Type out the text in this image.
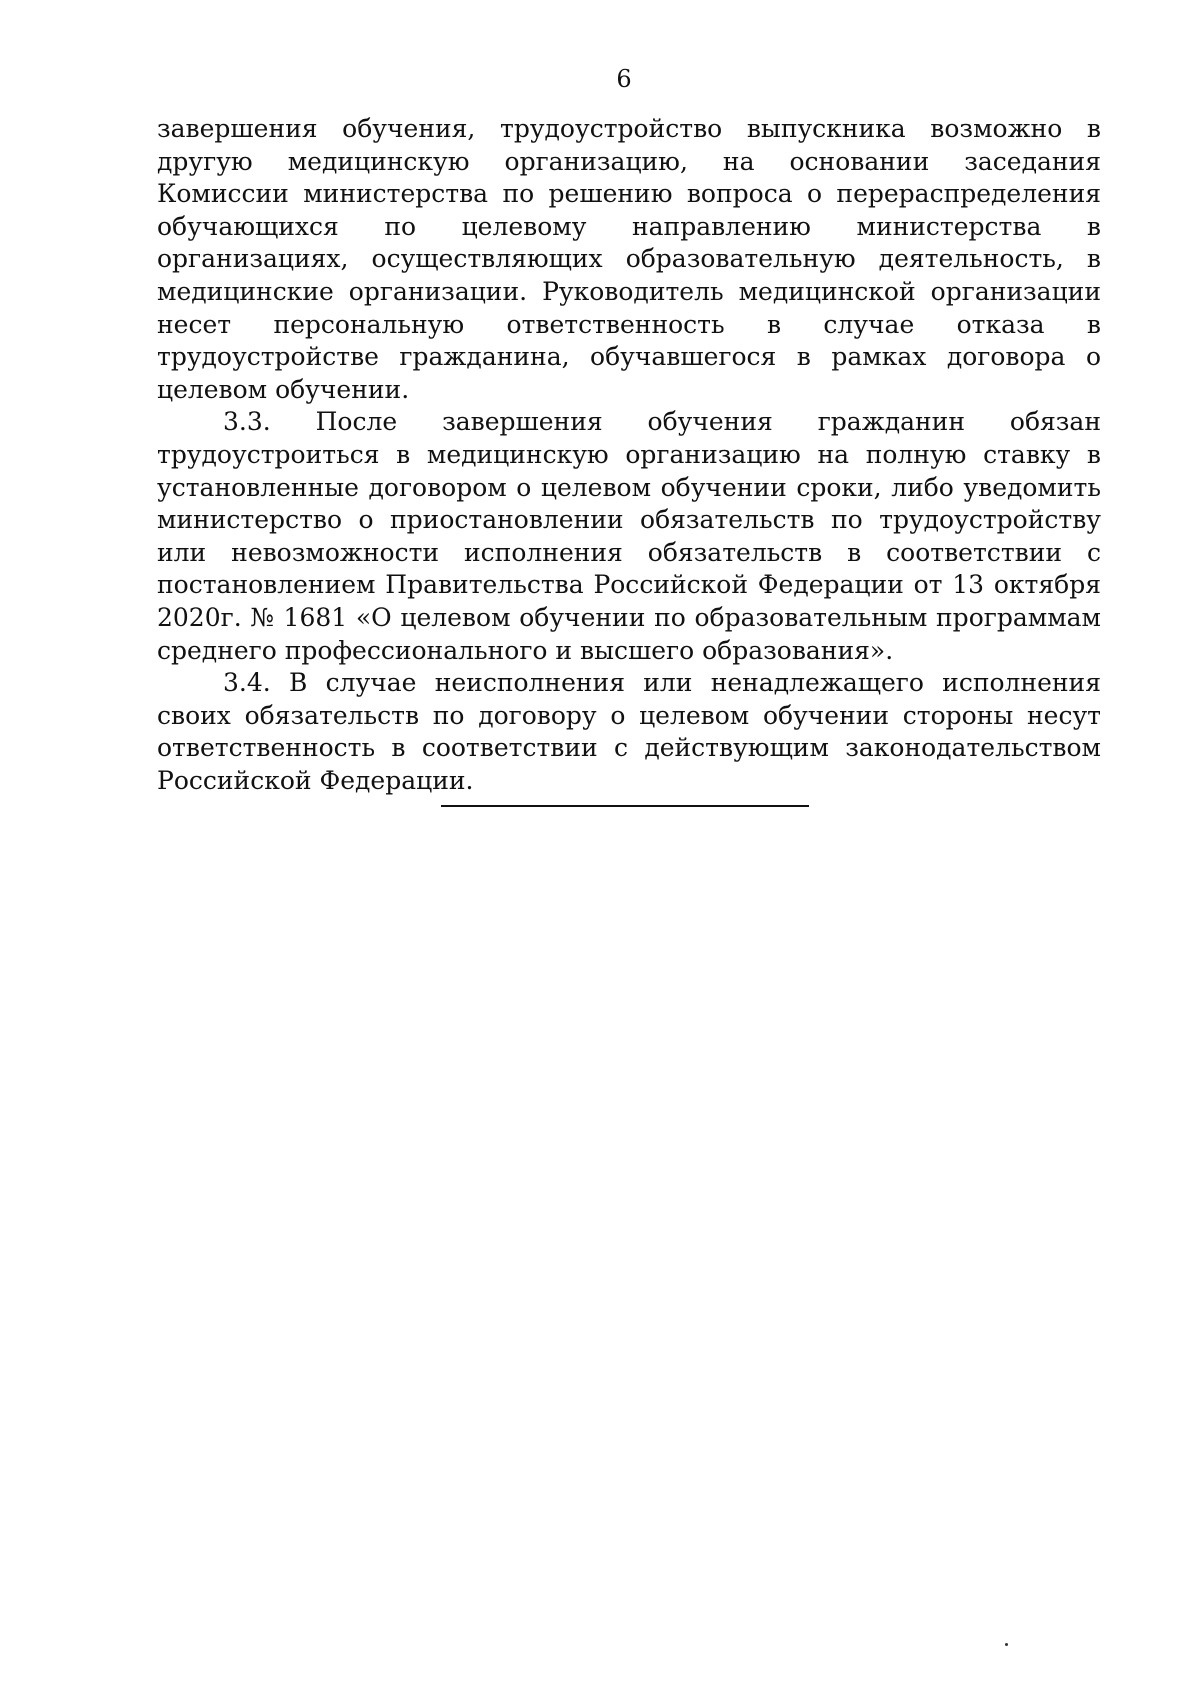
6

завершения обучения, трудоустройство выпускника возможно в другую медицинскую организацию, на основании заседания Комиссии министерства по решению вопроса о перераспределения обучающихся по целевому направлению министерства в организациях, осуществляющих образовательную деятельность, в медицинские организации. Руководитель медицинской организации несет персональную ответственность в случае отказа в трудоустройстве гражданина, обучавшегося в рамках договора о целевом обучении.

3.3. После завершения обучения гражданин обязан трудоустроиться в медицинскую организацию на полную ставку в установленные договором о целевом обучении сроки, либо уведомить министерство о приостановлении обязательств по трудоустройству или невозможности исполнения обязательств в соответствии с постановлением Правительства Российской Федерации от 13 октября 2020г. № 1681 «О целевом обучении по образовательным программам среднего профессионального и высшего образования».

3.4. В случае неисполнения или ненадлежащего исполнения своих обязательств по договору о целевом обучении стороны несут ответственность в соответствии с действующим законодательством Российской Федерации.
